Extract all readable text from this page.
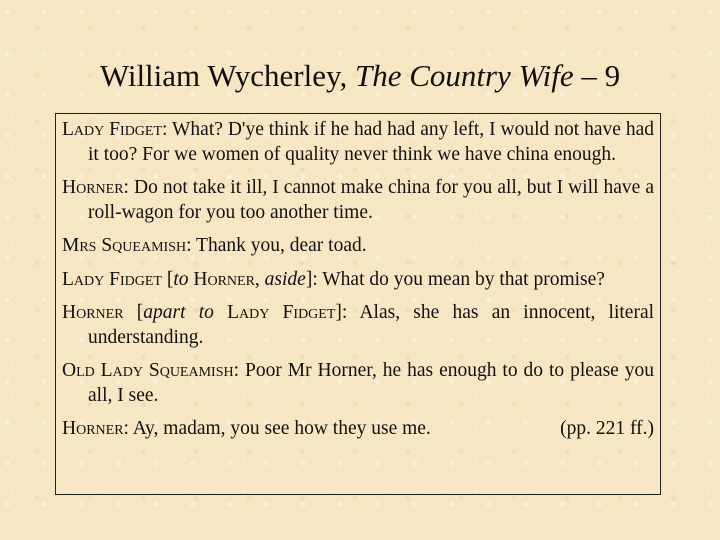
William Wycherley, The Country Wife – 9

Lady Fidget: What? D'ye think if he had had any left, I would not have had it too? For we women of quality never think we have china enough.

Horner: Do not take it ill, I cannot make china for you all, but I will have a roll-wagon for you too another time.

Mrs Squeamish: Thank you, dear toad.

Lady Fidget [to Horner, aside]: What do you mean by that promise?

Horner [apart to Lady Fidget]: Alas, she has an innocent, literal understanding.

Old Lady Squeamish: Poor Mr Horner, he has enough to do to please you all, I see.

Horner: Ay, madam, you see how they use me.	(pp. 221 ff.)
